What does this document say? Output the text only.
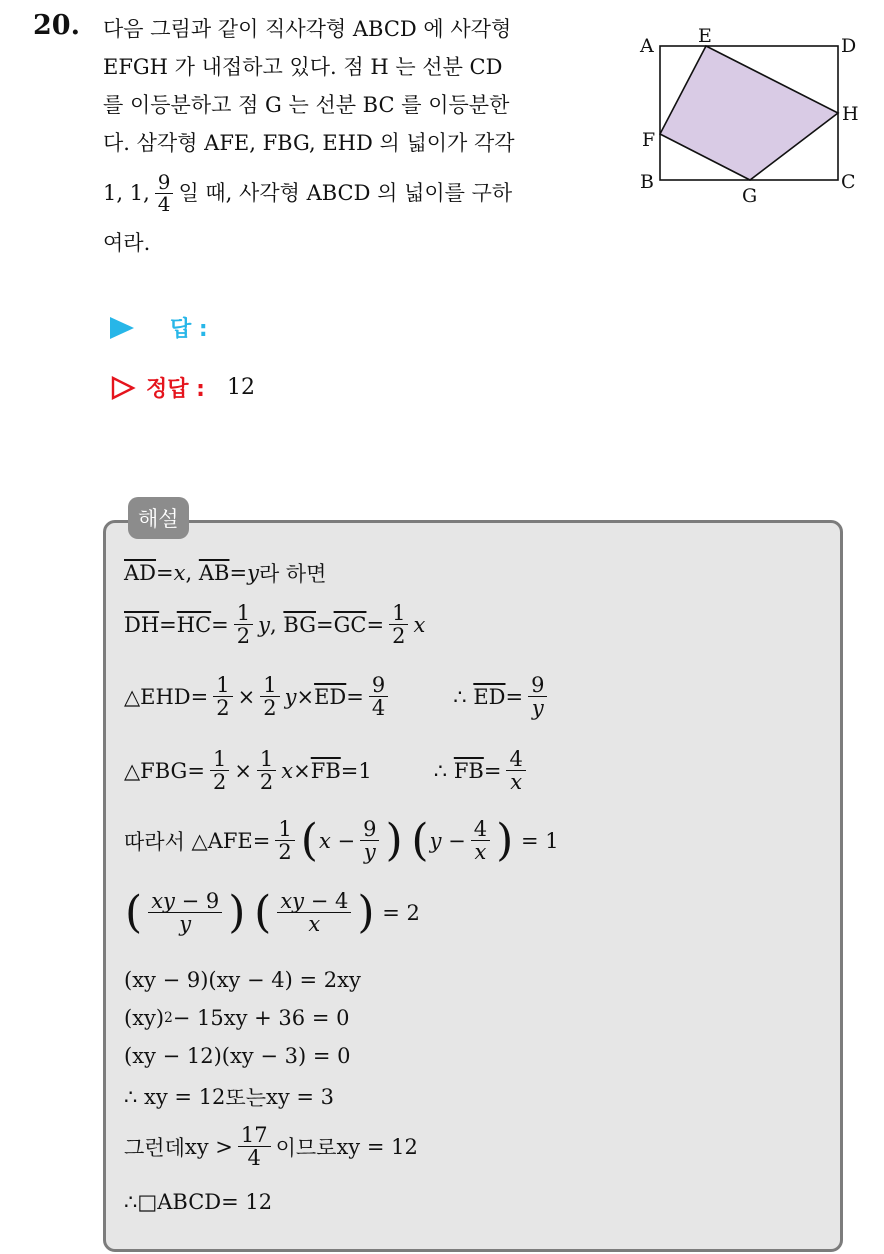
20. 다음 그림과 같이 직사각형 ABCD 에 사각형
EFGH 가 내접하고 있다. 점 H 는 선분 CD
를 이등분하고 점 G 는 선분 BC 를 이등분한
다. 삼각형 AFE, FBG, EHD 의 넓이가 각각
1, 1, $\frac{9}{4}$ 일 때, 사각형 ABCD 의 넓이를 구하
여라.
A E	D
H
F
B
G
C
답 :
정답 : 12
해설
$\overline{AD} = x$ ,
$\overline{AB} = y$ 라 하면
$\overline{DH} = \overline{HC} = \frac{1}{2}$ y ,
$\overline{BG} = \overline{GC} = \frac{1}{2}$ x
△EHD = $\frac{1}{2} \times \frac{1}{2}$ $y \times \overline{ED} = \frac{9}{4}$	∴
$\overline{ED} = \frac{9}{y}$
△FBG = $\frac{1}{2} \times \frac{1}{2}$ $x \times \overline{FB} = 1$	∴
$\overline{FB} = \frac{4}{x}$
따라서
△AFE = $\frac{1}{2}$ ( x
− $\frac{9}{y}$ )
( y
− $\frac{4}{x}$ )
= 1
( $\frac{xy - 9}{y}$ )
( $\frac{xy - 4}{x}$ )
= 2
(xy − 9)(xy − 4) = 2xy
(xy) 2 − 15xy + 36 = 0
(xy − 12)(xy − 3) = 0
∴ xy = 12 또는 xy = 3
그런데 xy > $\frac{17}{4}$ 이므로 xy = 12
∴ □ABCD = 12
